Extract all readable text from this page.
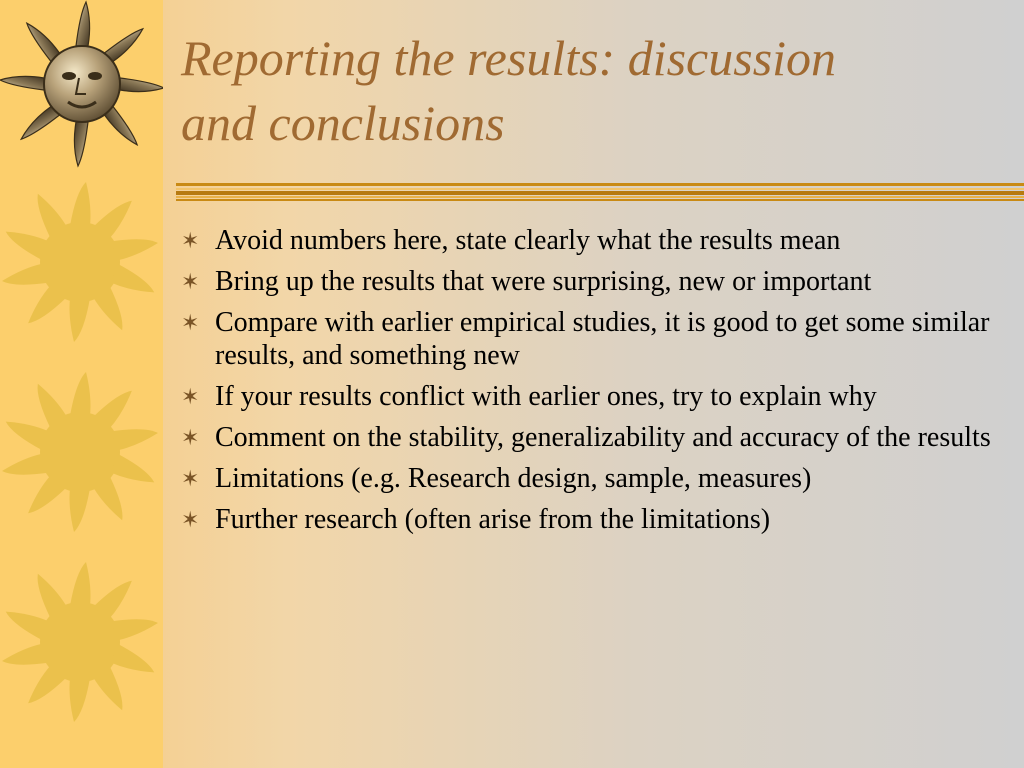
Reporting the results: discussion
and conclusions
✶ Avoid numbers here, state clearly what the results mean
✶ Bring up the results that were surprising, new or important
✶ Compare with earlier empirical studies, it is good to get some similar results, and something new
✶ If your results conflict with earlier ones, try to explain why
✶ Comment on the stability, generalizability and accuracy of the results
✶ Limitations (e.g. Research design, sample, measures)
✶ Further research (often arise from the limitations)
